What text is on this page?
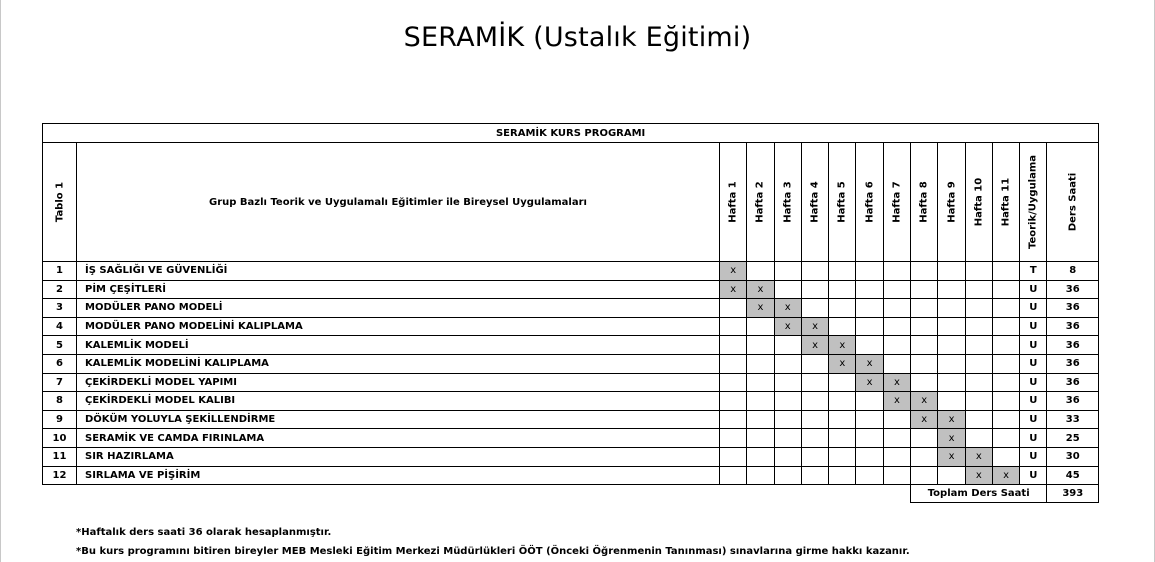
SERAMİK (Ustalık Eğitimi)
SERAMİK KURS PROGRAMI														

Tablo 1	Grup Bazlı Teorik ve Uygulamalı Eğitimler ile Bireysel Uygulamaları	Hafta 1	Hafta 2	Hafta 3	Hafta 4	Hafta 5	Hafta 6	Hafta 7	Hafta 8	Hafta 9	Hafta 10	Hafta 11	Teorik/Uygulama	Ders Saati

1	İŞ SAĞLIĞI VE GÜVENLİĞİ	x											T	8
2	PİM ÇEŞİTLERİ	x	x										U	36
3	MODÜLER PANO MODELİ		x	x									U	36
4	MODÜLER PANO MODELİNİ KALIPLAMA			x	x								U	36
5	KALEMLİK MODELİ				x	x							U	36
6	KALEMLİK MODELİNİ KALIPLAMA					x	x						U	36
7	ÇEKİRDEKLİ MODEL YAPIMI						x	x					U	36
8	ÇEKİRDEKLİ MODEL KALIBI							x	x				U	36
9	DÖKÜM YOLUYLA ŞEKİLLENDİRME								x	x			U	33
10	SERAMİK VE CAMDA FIRINLAMA									x			U	25
11	SIR HAZIRLAMA									x	x		U	30
12	SIRLAMA VE PİŞİRİM										x	x	U	45
									Toplam Ders Saati					393
*Haftalık ders saati 36 olarak hesaplanmıştır.
*Bu kurs programını bitiren bireyler MEB Mesleki Eğitim Merkezi Müdürlükleri ÖÖT (Önceki Öğrenmenin Tanınması) sınavlarına girme hakkı kazanır.
